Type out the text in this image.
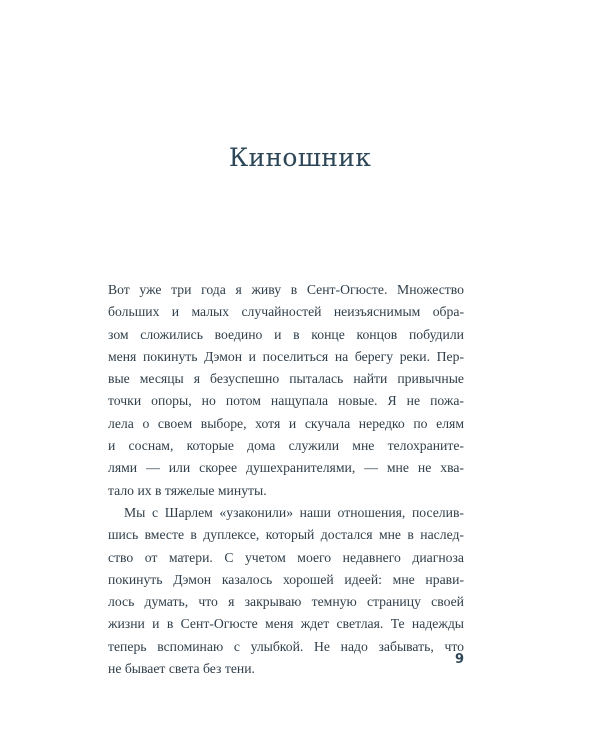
Киношник
Вот уже три года я живу в Сент-Огюсте. Множество
больших и малых случайностей неизъяснимым обра-
зом сложились воедино и в конце концов побудили
меня покинуть Дэмон и поселиться на берегу реки. Пер-
вые месяцы я безуспешно пыталась найти привычные
точки опоры, но потом нащупала новые. Я не пожа-
лела о своем выборе, хотя и скучала нередко по елям
и соснам, которые дома служили мне телохраните-
лями — или скорее душехранителями, — мне не хва-
тало их в тяжелые минуты.
Мы с Шарлем «узаконили» наши отношения, поселив-
шись вместе в дуплексе, который достался мне в наслед-
ство от матери. С учетом моего недавнего диагноза
покинуть Дэмон казалось хорошей идеей: мне нрави-
лось думать, что я закрываю темную страницу своей
жизни и в Сент-Огюсте меня ждет светлая. Те надежды
теперь вспоминаю с улыбкой. Не надо забывать, что
не бывает света без тени.
9
